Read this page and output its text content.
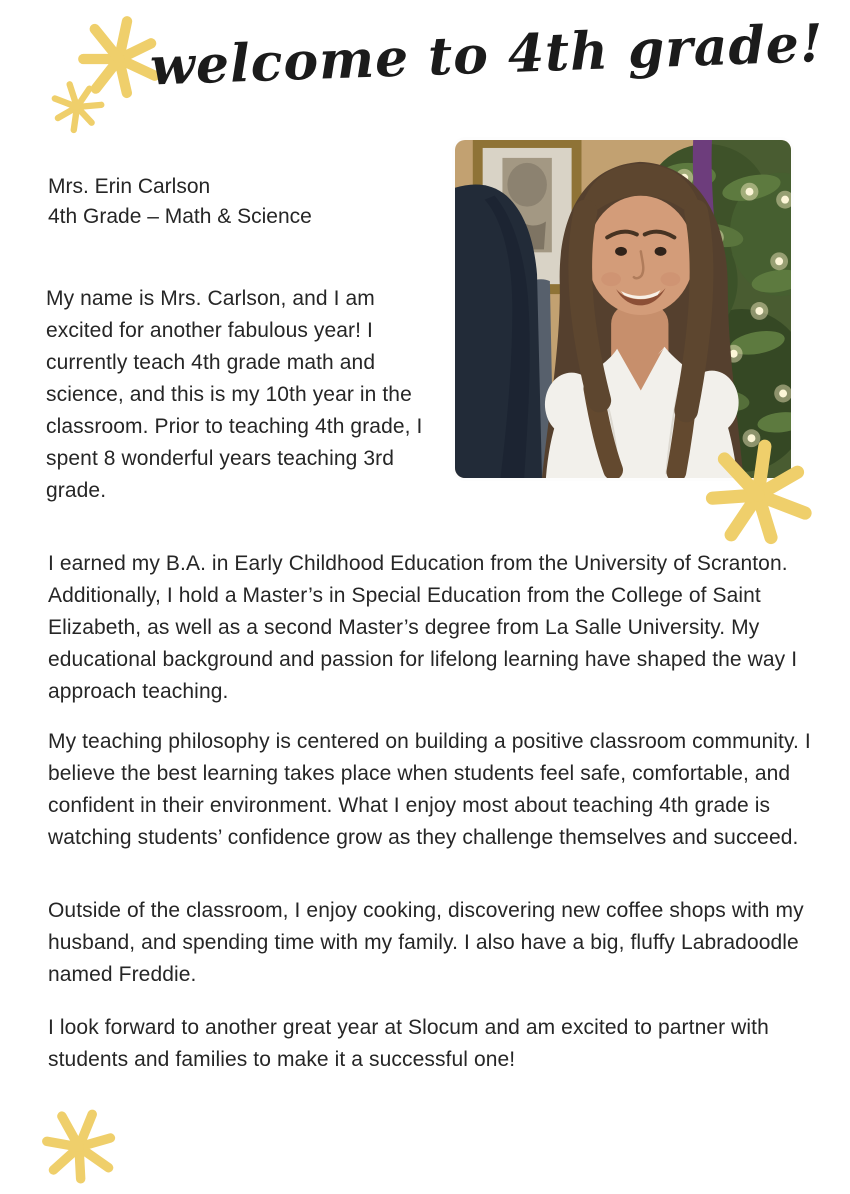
welcome to 4th grade!
Mrs. Erin Carlson
4th Grade – Math & Science

My name is Mrs. Carlson, and I am excited for another fabulous year! I currently teach 4th grade math and science, and this is my 10th year in the classroom. Prior to teaching 4th grade, I spent 8 wonderful years teaching 3rd grade.

I earned my B.A. in Early Childhood Education from the University of Scranton. Additionally, I hold a Master’s in Special Education from the College of Saint Elizabeth, as well as a second Master’s degree from La Salle University. My educational background and passion for lifelong learning have shaped the way I approach teaching.

My teaching philosophy is centered on building a positive classroom community. I believe the best learning takes place when students feel safe, comfortable, and confident in their environment. What I enjoy most about teaching 4th grade is watching students’ confidence grow as they challenge themselves and succeed.

Outside of the classroom, I enjoy cooking, discovering new coffee shops with my husband, and spending time with my family. I also have a big, fluffy Labradoodle named Freddie.

I look forward to another great year at Slocum and am excited to partner with students and families to make it a successful one!
